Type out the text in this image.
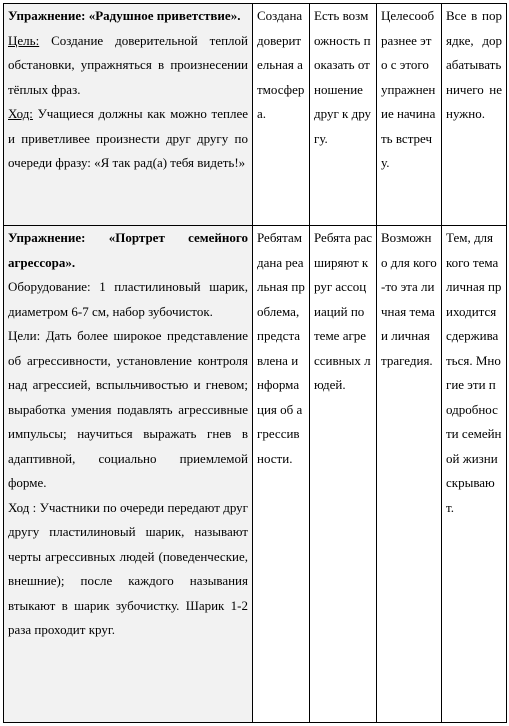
Упражнение: «Радушное приветствие».

Цель: Создание доверительной теплой обстановки, упражняться в произнесении тёплых фраз.

Ход: Учащиеся должны как можно теплее и приветливее произнести друг другу по очереди фразу: «Я так рад(а) тебя видеть!»	Создана доверительная атмосфера.	Есть возможность показать отношение друг к другу.	Целесообразнее это с этого упражнение начинать встречу.	Все в порядке, дорабатывать ничего не нужно.

Упражнение: «Портрет семейного агрессора».

Оборудование: 1 пластилиновый шарик, диаметром 6-7 см, набор зубочисток.

Цели: Дать более широкое представление об агрессивности, установление контроля над агрессией, вспыльчивостью и гневом; выработка умения подавлять агрессивные импульсы; научиться выражать гнев в адаптивной, социально приемлемой форме.

Ход : Участники по очереди передают друг другу пластилиновый шарик, называют черты агрессивных людей (поведенческие, внешние); после каждого называния втыкают в шарик зубочистку. Шарик 1-2 раза проходит круг.	Ребятам дана реальная проблема, представлена информация об агрессивности.	Ребята расширяют круг ассоциаций по теме агрессивных людей.	Возможно для кого-то эта личная тема и личная трагедия.	Тем, для кого тема личная приходится сдерживаться. Многие эти подробности семейной жизни скрывают.
